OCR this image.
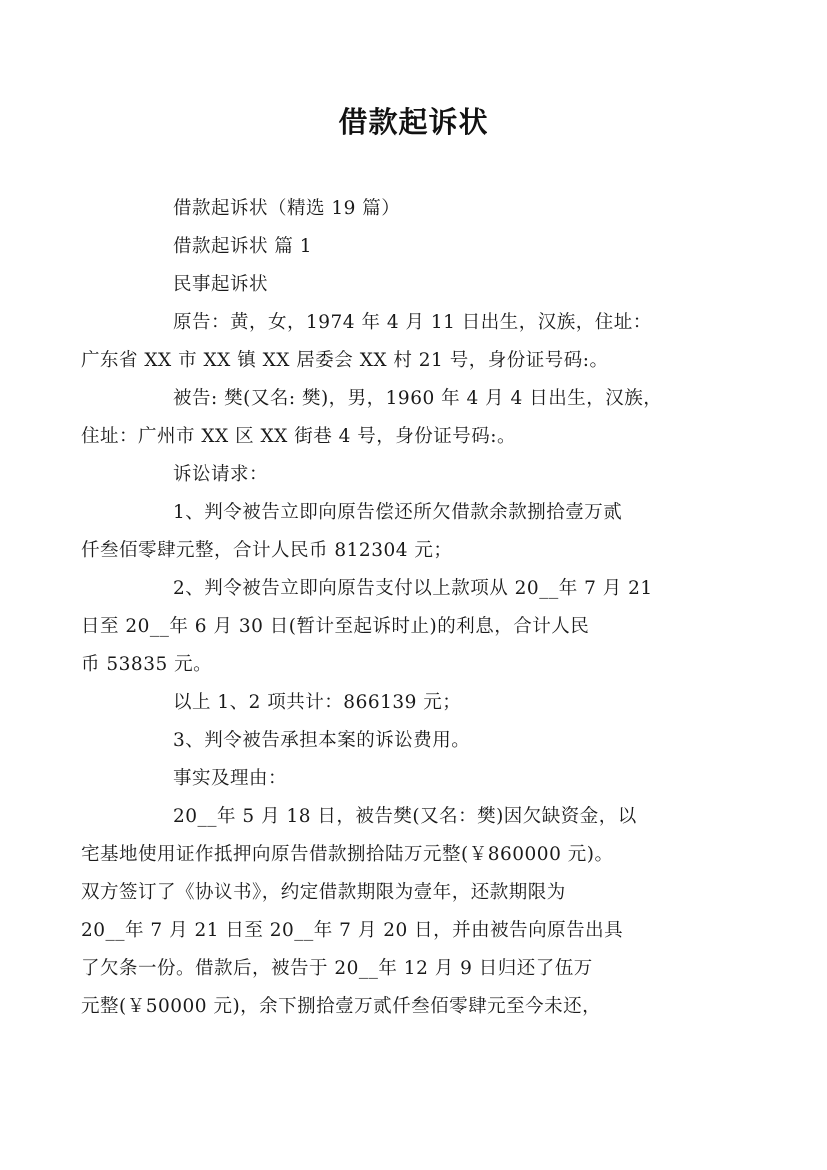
借款起诉状
借款起诉状（精选 19 篇）
借款起诉状 篇 1
民事起诉状
原告：黄，女，1974 年 4 月 11 日出生，汉族，住址：
广东省 XX 市 XX 镇 XX 居委会 XX 村 21 号，身份证号码:。
被告: 樊(又名: 樊)，男，1960 年 4 月 4 日出生，汉族，
住址：广州市 XX 区 XX 街巷 4 号，身份证号码:。
诉讼请求：
1、判令被告立即向原告偿还所欠借款余款捌拾壹万贰
仟叁佰零肆元整，合计人民币 812304 元；
2、判令被告立即向原告支付以上款项从 20__年 7 月 21
日至 20__年 6 月 30 日(暂计至起诉时止)的利息，合计人民
币 53835 元。
以上 1、2 项共计：866139 元；
3、判令被告承担本案的诉讼费用。
事实及理由：
20__年 5 月 18 日，被告樊(又名：樊)因欠缺资金，以
宅基地使用证作抵押向原告借款捌拾陆万元整(￥860000 元)。
双方签订了《协议书》，约定借款期限为壹年，还款期限为
20__年 7 月 21 日至 20__年 7 月 20 日，并由被告向原告出具
了欠条一份。借款后，被告于 20__年 12 月 9 日归还了伍万
元整(￥50000 元)，余下捌拾壹万贰仟叁佰零肆元至今未还，
